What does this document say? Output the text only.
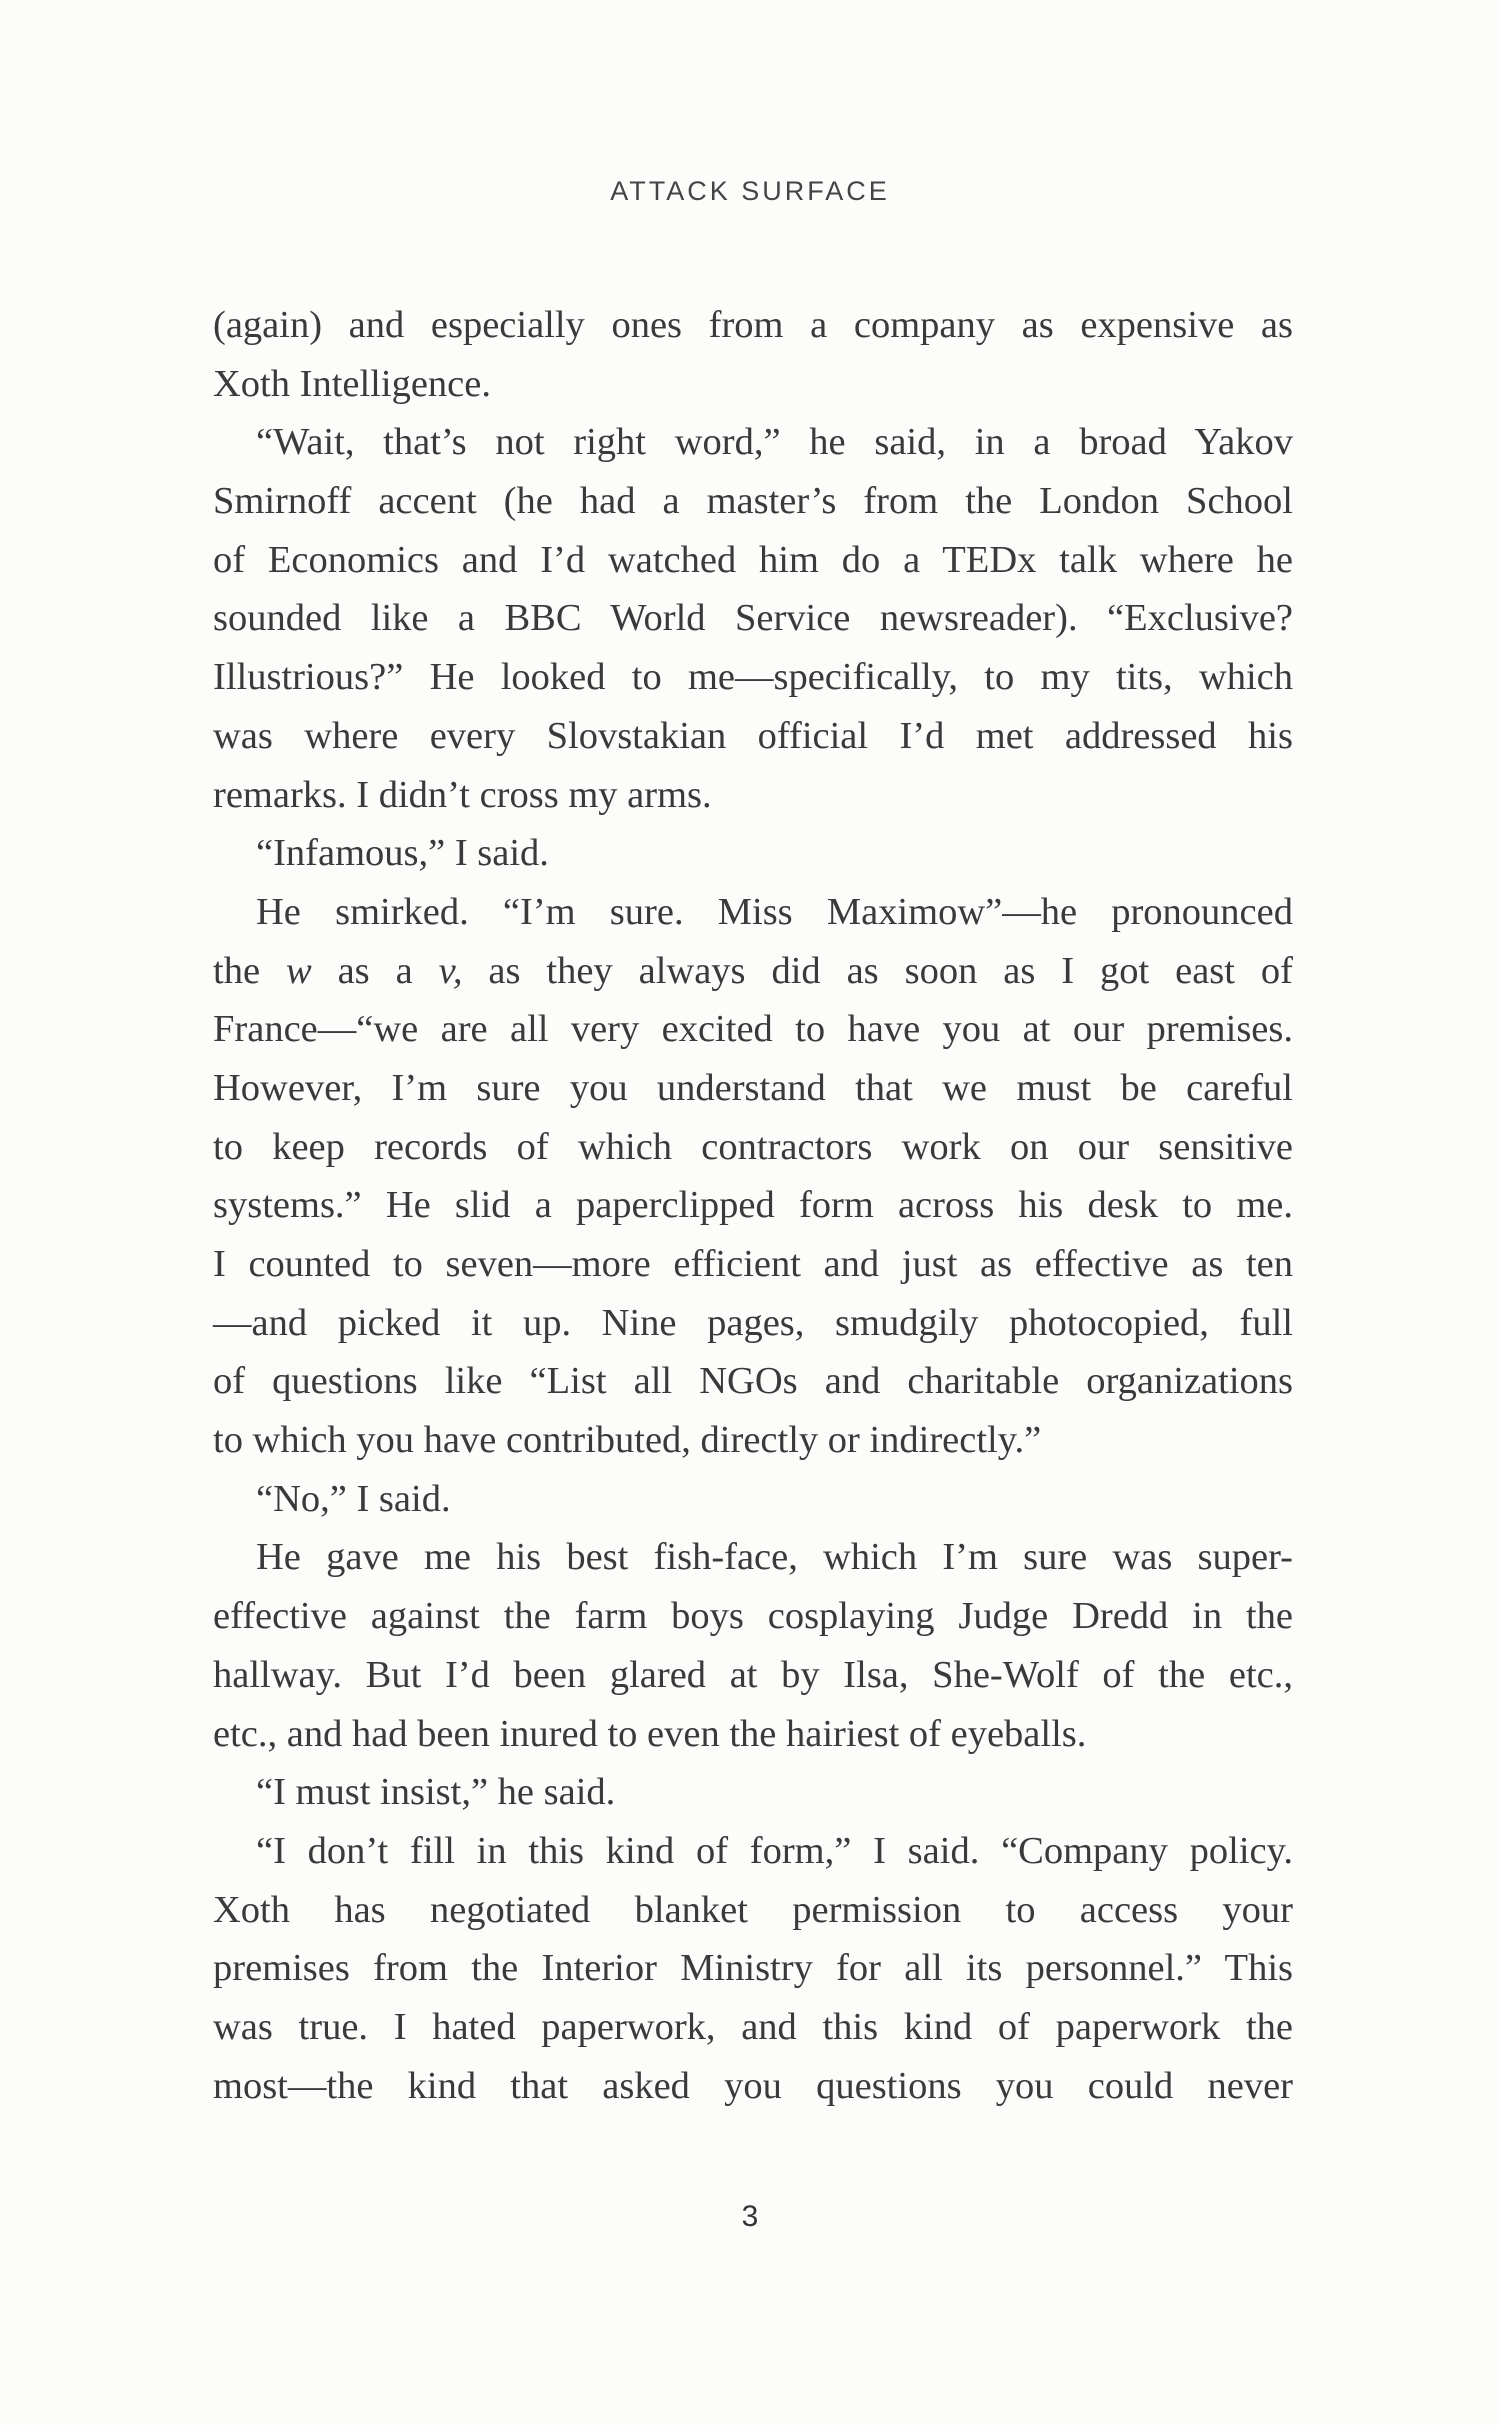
ATTACK SURFACE
(again) and especially ones from a company as expensive as
Xoth Intelligence.
“Wait, that’s not right word,” he said, in a broad Yakov
Smirnoff accent (he had a master’s from the London School
of Economics and I’d watched him do a TEDx talk where he
sounded like a BBC World Service newsreader). “Exclusive?
Illustrious?” He looked to me—specifically, to my tits, which
was where every Slovstakian official I’d met addressed his
remarks. I didn’t cross my arms.
“Infamous,” I said.
He smirked. “I’m sure. Miss Maximow”—he pronounced
the w as a v, as they always did as soon as I got east of
France—“we are all very excited to have you at our premises.
However, I’m sure you understand that we must be careful
to keep records of which contractors work on our sensitive
systems.” He slid a paperclipped form across his desk to me.
I counted to seven—more efficient and just as effective as ten
—and picked it up. Nine pages, smudgily photocopied, full
of questions like “List all NGOs and charitable organizations
to which you have contributed, directly or indirectly.”
“No,” I said.
He gave me his best fish-face, which I’m sure was super-
effective against the farm boys cosplaying Judge Dredd in the
hallway. But I’d been glared at by Ilsa, She-Wolf of the etc.,
etc., and had been inured to even the hairiest of eyeballs.
“I must insist,” he said.
“I don’t fill in this kind of form,” I said. “Company policy.
Xoth has negotiated blanket permission to access your
premises from the Interior Ministry for all its personnel.” This
was true. I hated paperwork, and this kind of paperwork the
most—the kind that asked you questions you could never
3
